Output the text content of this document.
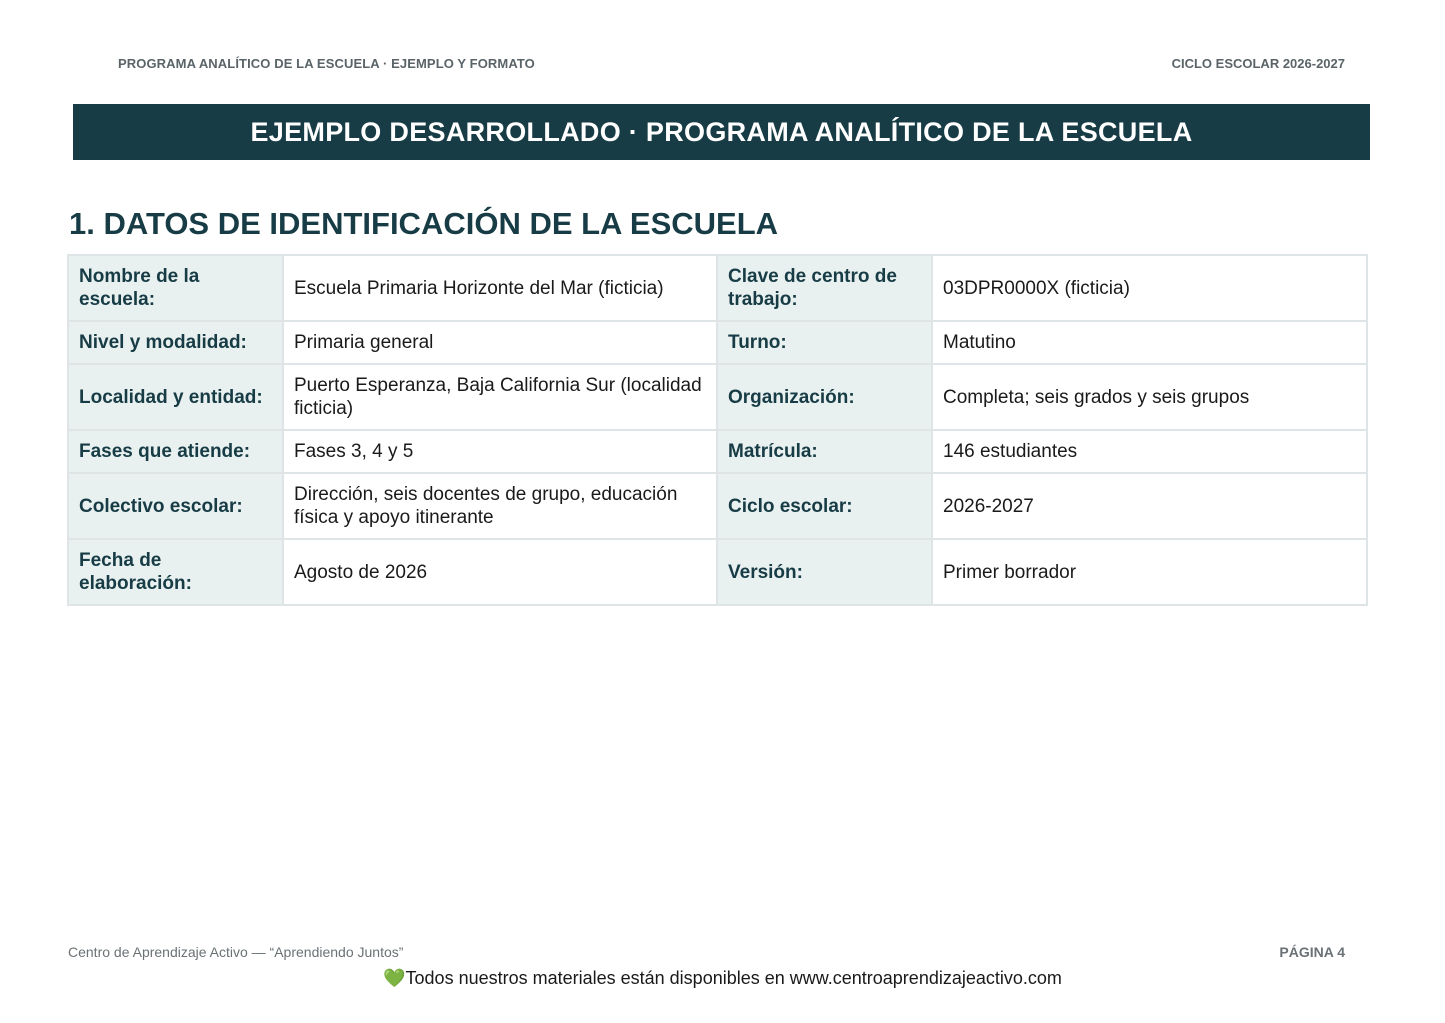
PROGRAMA ANALÍTICO DE LA ESCUELA · EJEMPLO Y FORMATO	CICLO ESCOLAR 2026-2027
EJEMPLO DESARROLLADO · PROGRAMA ANALÍTICO DE LA ESCUELA
1. DATOS DE IDENTIFICACIÓN DE LA ESCUELA
Nombre de la escuela:	Escuela Primaria Horizonte del Mar (ficticia)	Clave de centro de trabajo:	03DPR0000X (ficticia)
Nivel y modalidad:	Primaria general	Turno:	Matutino
Localidad y entidad:	Puerto Esperanza, Baja California Sur (localidad ficticia)	Organización:	Completa; seis grados y seis grupos
Fases que atiende:	Fases 3, 4 y 5	Matrícula:	146 estudiantes
Colectivo escolar:	Dirección, seis docentes de grupo, educación física y apoyo itinerante	Ciclo escolar:	2026-2027
Fecha de elaboración:	Agosto de 2026	Versión:	Primer borrador
Centro de Aprendizaje Activo — “Aprendiendo Juntos”	PÁGINA 4
💚Todos nuestros materiales están disponibles en www.centroaprendizajeactivo.com
